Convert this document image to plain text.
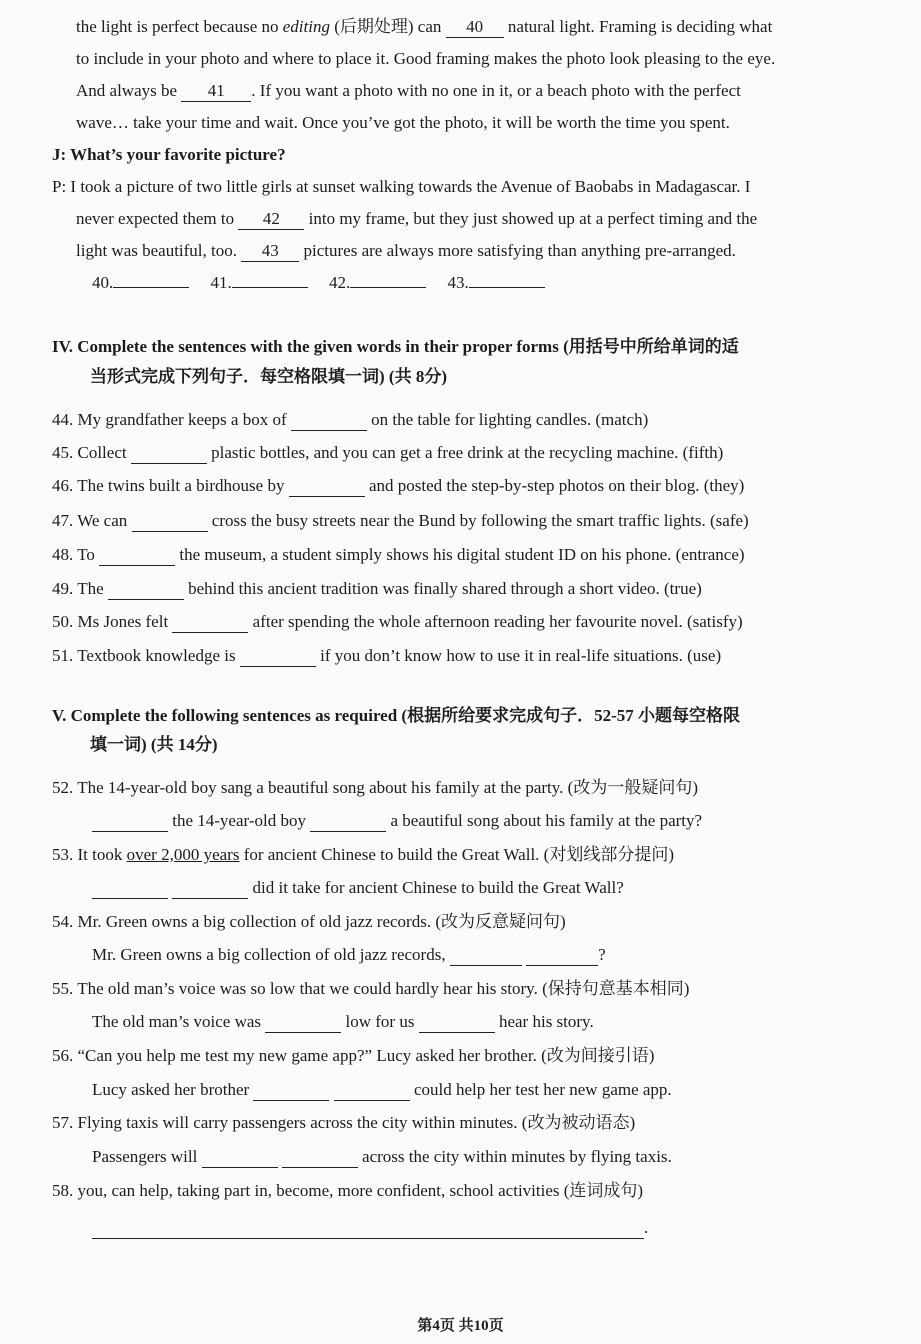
the light is perfect because no editing (后期处理) can 40 natural light. Framing is deciding what
to include in your photo and where to place it. Good framing makes the photo look pleasing to the eye.
And always be 41 . If you want a photo with no one in it, or a beach photo with the perfect
wave… take your time and wait. Once you’ve got the photo, it will be worth the time you spent.
J: What’s your favorite picture?
P: I took a picture of two little girls at sunset walking towards the Avenue of Baobabs in Madagascar. I
never expected them to 42 into my frame, but they just showed up at a perfect timing and the
light was beautiful, too. 43 pictures are always more satisfying than anything pre-arranged.
40.	41.	42.	43.
IV. Complete the sentences with the given words in their proper forms (用括号中所给单词的适
当形式完成下列句子．每空格限填一词) (共 8分)
44. My grandfather keeps a box of	on the table for lighting candles. (match)
45. Collect	plastic bottles, and you can get a free drink at the recycling machine. (fifth)
46. The twins built a birdhouse by	and posted the step-by-step photos on their blog. (they)
47. We can	cross the busy streets near the Bund by following the smart traffic lights. (safe)
48. To	the museum, a student simply shows his digital student ID on his phone. (entrance)
49. The	behind this ancient tradition was finally shared through a short video. (true)
50. Ms Jones felt	after spending the whole afternoon reading her favourite novel. (satisfy)
51. Textbook knowledge is	if you don’t know how to use it in real-life situations. (use)
V. Complete the following sentences as required (根据所给要求完成句子．52-57 小题每空格限
填一词) (共 14分)
52. The 14-year-old boy sang a beautiful song about his family at the party. (改为一般疑问句)
the 14-year-old boy	a beautiful song about his family at the party?
53. It took over 2,000 years for ancient Chinese to build the Great Wall. (对划线部分提问)
did it take for ancient Chinese to build the Great Wall?
54. Mr. Green owns a big collection of old jazz records. (改为反意疑问句)
Mr. Green owns a big collection of old jazz records,	?
55. The old man’s voice was so low that we could hardly hear his story. (保持句意基本相同)
The old man’s voice was	low for us	hear his story.
56. “Can you help me test my new game app?” Lucy asked her brother. (改为间接引语)
Lucy asked her brother	could help her test her new game app.
57. Flying taxis will carry passengers across the city within minutes. (改为被动语态)
Passengers will	across the city within minutes by flying taxis.
58. you, can help, taking part in, become, more confident, school activities (连词成句)
.
第4页 共10页
